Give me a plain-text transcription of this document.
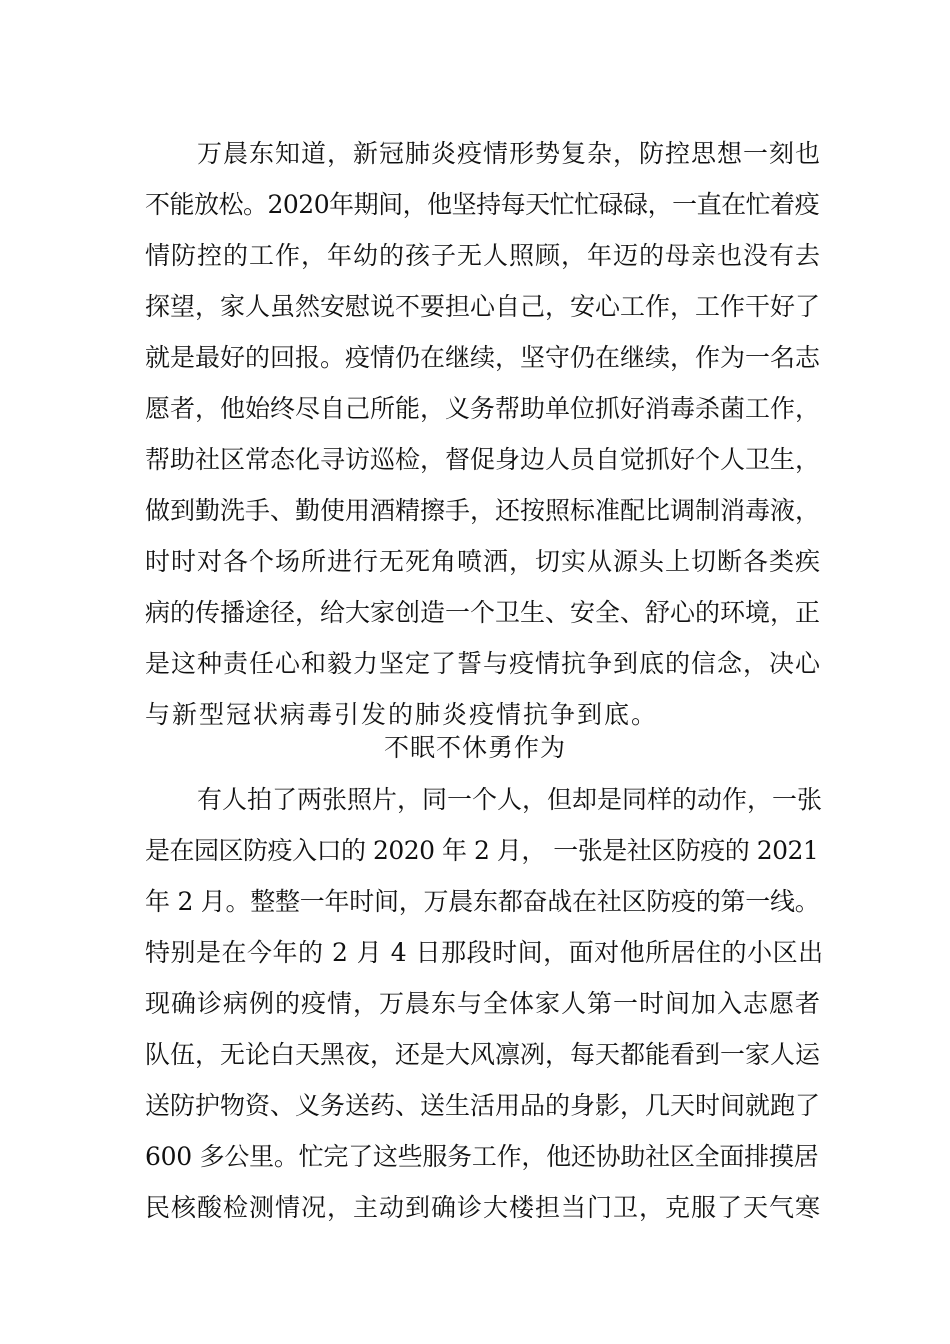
万晨东知道，新冠肺炎疫情形势复杂，防控思想一刻也
不能放松。2020年期间，他坚持每天忙忙碌碌，一直在忙着疫
情防控的工作，年幼的孩子无人照顾，年迈的母亲也没有去
探望，家人虽然安慰说不要担心自己，安心工作，工作干好了
就是最好的回报。疫情仍在继续，坚守仍在继续，作为一名志
愿者，他始终尽自己所能，义务帮助单位抓好消毒杀菌工作，
帮助社区常态化寻访巡检，督促身边人员自觉抓好个人卫生，
做到勤洗手、勤使用酒精擦手，还按照标准配比调制消毒液，
时时对各个场所进行无死角喷洒，切实从源头上切断各类疾
病的传播途径，给大家创造一个卫生、安全、舒心的环境，正
是这种责任心和毅力坚定了誓与疫情抗争到底的信念，决心
与新型冠状病毒引发的肺炎疫情抗争到底。
不眠不休勇作为
有人拍了两张照片，同一个人，但却是同样的动作，一张
是在园区防疫入口的 2020 年 2 月， 一张是社区防疫的 2021
年 2 月。整整一年时间，万晨东都奋战在社区防疫的第一线。
特别是在今年的 2 月 4 日那段时间，面对他所居住的小区出
现确诊病例的疫情，万晨东与全体家人第一时间加入志愿者
队伍，无论白天黑夜，还是大风凛冽，每天都能看到一家人运
送防护物资、义务送药、送生活用品的身影，几天时间就跑了
600 多公里。忙完了这些服务工作，他还协助社区全面排摸居
民核酸检测情况，主动到确诊大楼担当门卫，克服了天气寒
